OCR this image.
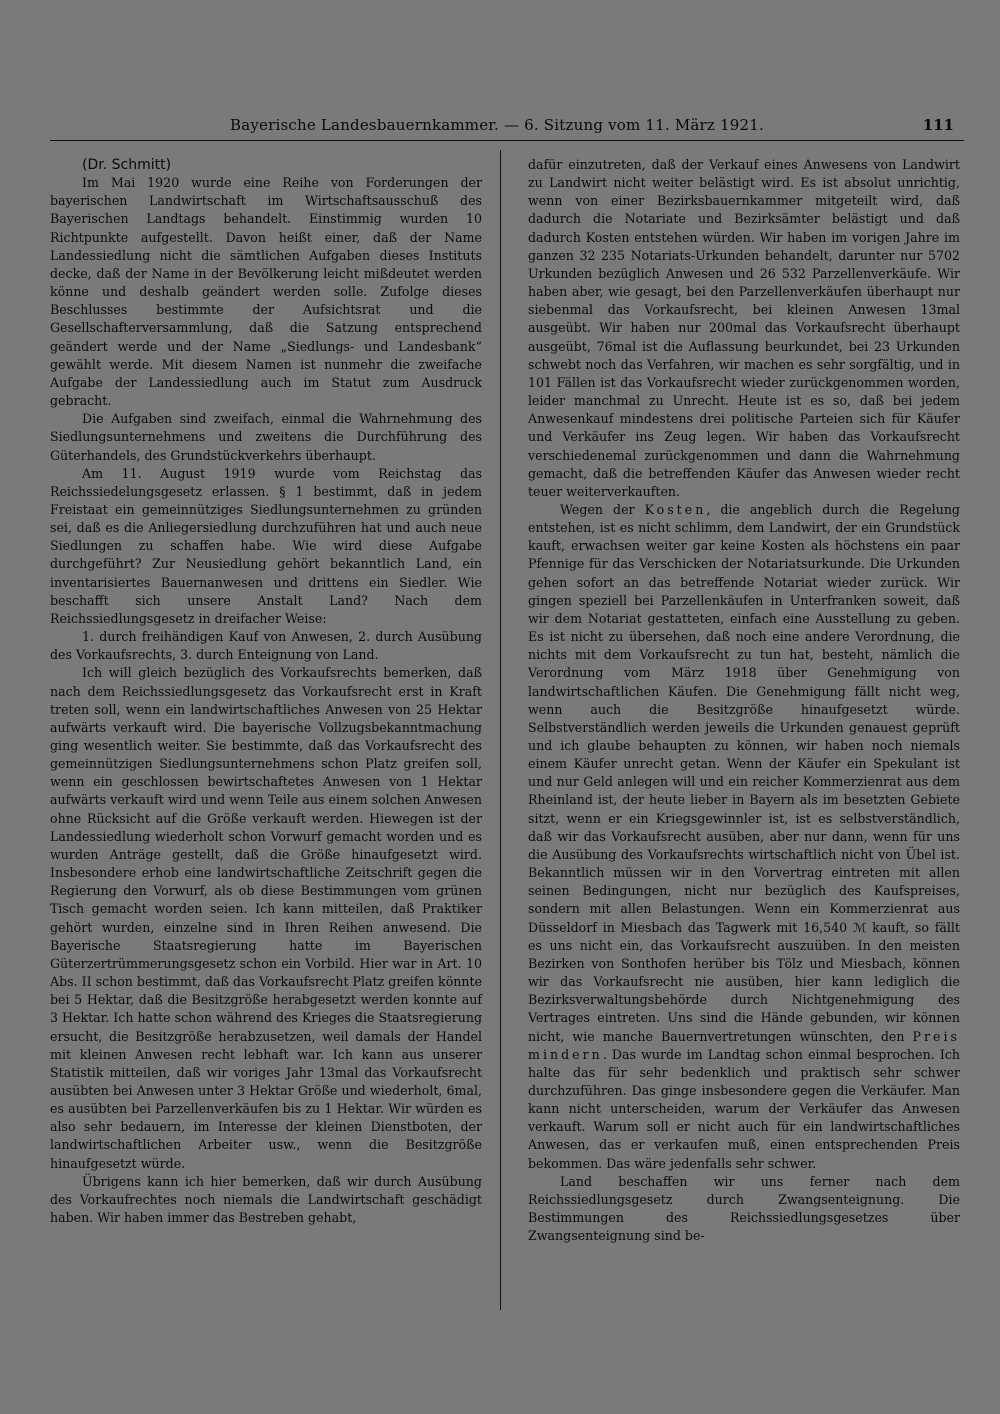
Bayerische Landesbauernkammer. — 6. Sitzung vom 11. März 1921.	111

(Dr. Schmitt)

Im Mai 1920 wurde eine Reihe von Forderungen der bayerischen Landwirtschaft im Wirtschaftsausschuß des Bayerischen Landtags behandelt. Einstimmig wurden 10 Richtpunkte aufgestellt. Davon heißt einer, daß der Name Landessiedlung nicht die sämtlichen Aufgaben dieses Instituts decke, daß der Name in der Bevölkerung leicht mißdeutet werden könne und deshalb geändert werden solle. Zufolge dieses Beschlusses bestimmte der Aufsichtsrat und die Gesellschafterversammlung, daß die Satzung entsprechend geändert werde und der Name „Siedlungs- und Landesbank“ gewählt werde. Mit diesem Namen ist nunmehr die zweifache Aufgabe der Landessiedlung auch im Statut zum Ausdruck gebracht.

Die Aufgaben sind zweifach, einmal die Wahrnehmung des Siedlungsunternehmens und zweitens die Durchführung des Güterhandels, des Grundstückverkehrs überhaupt.

Am 11. August 1919 wurde vom Reichstag das Reichssiedelungsgesetz erlassen. § 1 bestimmt, daß in jedem Freistaat ein gemeinnütziges Siedlungsunternehmen zu gründen sei, daß es die Anliegersiedlung durchzuführen hat und auch neue Siedlungen zu schaffen habe. Wie wird diese Aufgabe durchgeführt? Zur Neusiedlung gehört bekanntlich Land, ein inventarisiertes Bauernanwesen und drittens ein Siedler. Wie beschafft sich unsere Anstalt Land? Nach dem Reichssiedlungsgesetz in dreifacher Weise:

1. durch freihändigen Kauf von Anwesen, 2. durch Ausübung des Vorkaufsrechts, 3. durch Enteignung von Land.

Ich will gleich bezüglich des Vorkaufsrechts bemerken, daß nach dem Reichssiedlungsgesetz das Vorkaufsrecht erst in Kraft treten soll, wenn ein landwirtschaftliches Anwesen von 25 Hektar aufwärts verkauft wird. Die bayerische Vollzugsbekanntmachung ging wesentlich weiter. Sie bestimmte, daß das Vorkaufsrecht des gemeinnützigen Siedlungsunternehmens schon Platz greifen soll, wenn ein geschlossen bewirtschaftetes Anwesen von 1 Hektar aufwärts verkauft wird und wenn Teile aus einem solchen Anwesen ohne Rücksicht auf die Größe verkauft werden. Hiewegen ist der Landessiedlung wiederholt schon Vorwurf gemacht worden und es wurden Anträge gestellt, daß die Größe hinaufgesetzt wird. Insbesondere erhob eine landwirtschaftliche Zeitschrift gegen die Regierung den Vorwurf, als ob diese Bestimmungen vom grünen Tisch gemacht worden seien. Ich kann mitteilen, daß Praktiker gehört wurden, einzelne sind in Ihren Reihen anwesend. Die Bayerische Staatsregierung hatte im Bayerischen Güterzertrümmerungsgesetz schon ein Vorbild. Hier war in Art. 10 Abs. II schon bestimmt, daß das Vorkaufsrecht Platz greifen könnte bei 5 Hektar, daß die Besitzgröße herabgesetzt werden konnte auf 3 Hektar. Ich hatte schon während des Krieges die Staatsregierung ersucht, die Besitzgröße herabzusetzen, weil damals der Handel mit kleinen Anwesen recht lebhaft war. Ich kann aus unserer Statistik mitteilen, daß wir voriges Jahr 13mal das Vorkaufsrecht ausübten bei Anwesen unter 3 Hektar Größe und wiederholt, 6mal, es ausübten bei Parzellenverkäufen bis zu 1 Hektar. Wir würden es also sehr bedauern, im Interesse der kleinen Dienstboten, der landwirtschaftlichen Arbeiter usw., wenn die Besitzgröße hinaufgesetzt würde.

Übrigens kann ich hier bemerken, daß wir durch Ausübung des Vorkaufrechtes noch niemals die Landwirtschaft geschädigt haben. Wir haben immer das Bestreben gehabt,

dafür einzutreten, daß der Verkauf eines Anwesens von Landwirt zu Landwirt nicht weiter belästigt wird. Es ist absolut unrichtig, wenn von einer Bezirksbauernkammer mitgeteilt wird, daß dadurch die Notariate und Bezirksämter belästigt und daß dadurch Kosten entstehen würden. Wir haben im vorigen Jahre im ganzen 32 235 Notariats-Urkunden behandelt, darunter nur 5702 Urkunden bezüglich Anwesen und 26 532 Parzellenverkäufe. Wir haben aber, wie gesagt, bei den Parzellenverkäufen überhaupt nur siebenmal das Vorkaufsrecht, bei kleinen Anwesen 13mal ausgeübt. Wir haben nur 200mal das Vorkaufsrecht überhaupt ausgeübt, 76mal ist die Auflassung beurkundet, bei 23 Urkunden schwebt noch das Verfahren, wir machen es sehr sorgfältig, und in 101 Fällen ist das Vorkaufsrecht wieder zurückgenommen worden, leider manchmal zu Unrecht. Heute ist es so, daß bei jedem Anwesenkauf mindestens drei politische Parteien sich für Käufer und Verkäufer ins Zeug legen. Wir haben das Vorkaufsrecht verschiedenemal zurückgenommen und dann die Wahrnehmung gemacht, daß die betreffenden Käufer das Anwesen wieder recht teuer weiterverkauften.

Wegen der Kosten, die angeblich durch die Regelung entstehen, ist es nicht schlimm, dem Landwirt, der ein Grundstück kauft, erwachsen weiter gar keine Kosten als höchstens ein paar Pfennige für das Verschicken der Notariatsurkunde. Die Urkunden gehen sofort an das betreffende Notariat wieder zurück. Wir gingen speziell bei Parzellenkäufen in Unterfranken soweit, daß wir dem Notariat gestatteten, einfach eine Ausstellung zu geben. Es ist nicht zu übersehen, daß noch eine andere Verordnung, die nichts mit dem Vorkaufsrecht zu tun hat, besteht, nämlich die Verordnung vom März 1918 über Genehmigung von landwirtschaftlichen Käufen. Die Genehmigung fällt nicht weg, wenn auch die Besitzgröße hinaufgesetzt würde. Selbstverständlich werden jeweils die Urkunden genauest geprüft und ich glaube behaupten zu können, wir haben noch niemals einem Käufer unrecht getan. Wenn der Käufer ein Spekulant ist und nur Geld anlegen will und ein reicher Kommerzienrat aus dem Rheinland ist, der heute lieber in Bayern als im besetzten Gebiete sitzt, wenn er ein Kriegsgewinnler ist, ist es selbstverständlich, daß wir das Vorkaufsrecht ausüben, aber nur dann, wenn für uns die Ausübung des Vorkaufsrechts wirtschaftlich nicht von Übel ist. Bekanntlich müssen wir in den Vorvertrag eintreten mit allen seinen Bedingungen, nicht nur bezüglich des Kaufspreises, sondern mit allen Belastungen. Wenn ein Kommerzienrat aus Düsseldorf in Miesbach das Tagwerk mit 16,540 ℳ kauft, so fällt es uns nicht ein, das Vorkaufsrecht auszuüben. In den meisten Bezirken von Sonthofen herüber bis Tölz und Miesbach, können wir das Vorkaufsrecht nie ausüben, hier kann lediglich die Bezirksverwaltungsbehörde durch Nichtgenehmigung des Vertrages eintreten. Uns sind die Hände gebunden, wir können nicht, wie manche Bauernvertretungen wünschten, den Preis mindern. Das wurde im Landtag schon einmal besprochen. Ich halte das für sehr bedenklich und praktisch sehr schwer durchzuführen. Das ginge insbesondere gegen die Verkäufer. Man kann nicht unterscheiden, warum der Verkäufer das Anwesen verkauft. Warum soll er nicht auch für ein landwirtschaftliches Anwesen, das er verkaufen muß, einen entsprechenden Preis bekommen. Das wäre jedenfalls sehr schwer.

Land beschaffen wir uns ferner nach dem Reichssiedlungsgesetz durch Zwangsenteignung. Die Bestimmungen des Reichssiedlungsgesetzes über Zwangsenteignung sind be-
